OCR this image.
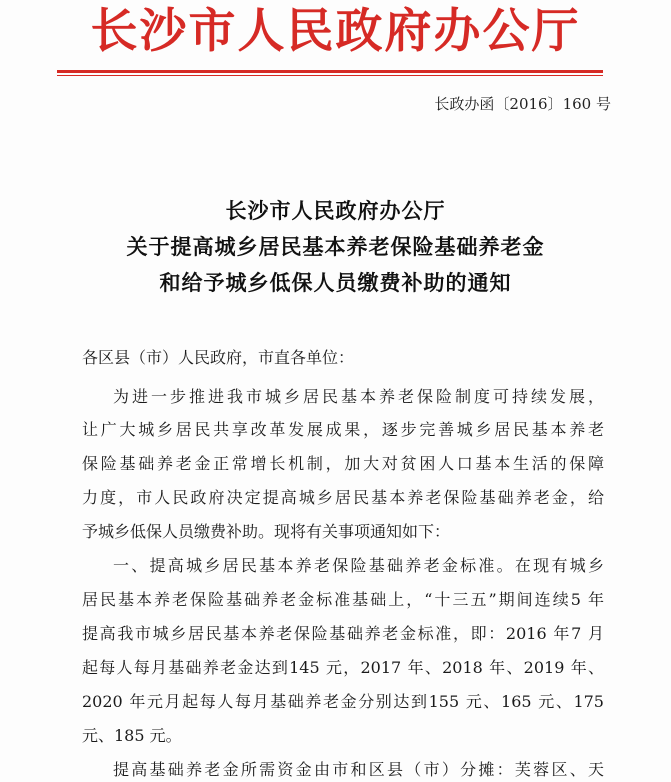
长沙市人民政府办公厅
长政办函〔2016〕160 号
长沙市人民政府办公厅
关于提高城乡居民基本养老保险基础养老金
和给予城乡低保人员缴费补助的通知
各区县（市）人民政府，市直各单位：
为进一步推进我市城乡居民基本养老保险制度可持续发展，
让广大城乡居民共享改革发展成果，逐步完善城乡居民基本养老
保险基础养老金正常增长机制，加大对贫困人口基本生活的保障
力度，市人民政府决定提高城乡居民基本养老保险基础养老金，给
予城乡低保人员缴费补助。现将有关事项通知如下：
一、提高城乡居民基本养老保险基础养老金标准。在现有城乡
居民基本养老保险基础养老金标准基础上，“十三五”期间连续5 年
提高我市城乡居民基本养老保险基础养老金标准，即：2016 年7 月
起每人每月基础养老金达到145 元，2017 年、2018 年、2019 年、
2020 年元月起每人每月基础养老金分别达到155 元、165 元、175
元、185 元。
提高基础养老金所需资金由市和区县（市）分摊：芙蓉区、天
